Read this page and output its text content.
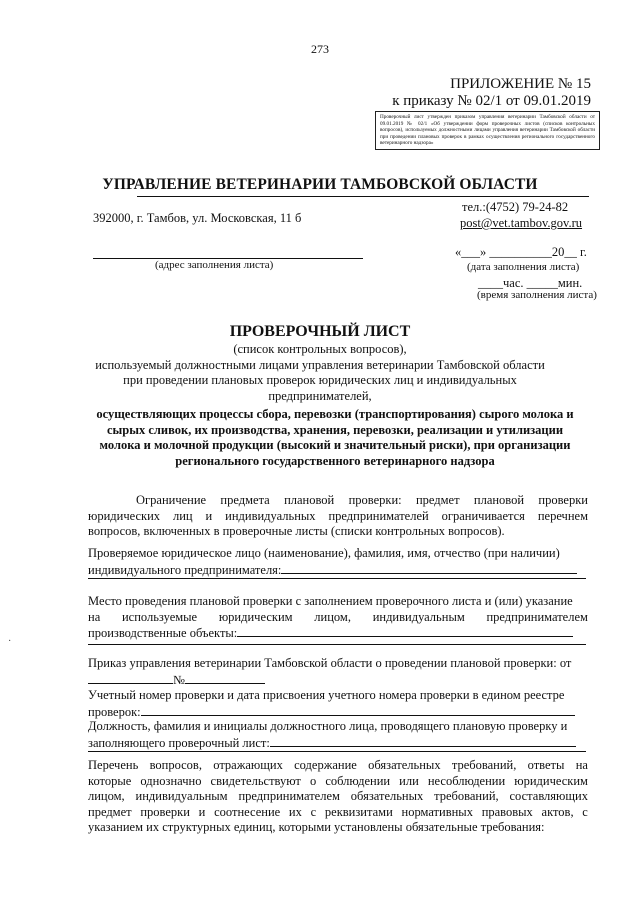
273
ПРИЛОЖЕНИЕ № 15
к приказу № 02/1 от 09.01.2019
Проверочный лист утвержден приказом управления ветеринарии Тамбовской области от 09.01.2019 № 02/1 «Об утверждении форм проверочных листов (списков контрольных вопросов), используемых должностными лицами управления ветеринарии Тамбовской области при проведении плановых проверок в рамках осуществления регионального государственного ветеринарного надзора»
УПРАВЛЕНИЕ ВЕТЕРИНАРИИ ТАМБОВСКОЙ ОБЛАСТИ
392000, г. Тамбов, ул. Московская, 11 б
тел.:(4752) 79-24-82
post@vet.tambov.gov.ru
(адрес заполнения листа)
«___» __________20__ г.
(дата заполнения листа)
____час. _____мин.
(время заполнения листа)
ПРОВЕРОЧНЫЙ ЛИСТ
(список контрольных вопросов),
используемый должностными лицами управления ветеринарии Тамбовской области
при проведении плановых проверок юридических лиц и индивидуальных
предпринимателей,
осуществляющих процессы сбора, перевозки (транспортирования) сырого молока и
сырых сливок, их производства, хранения, перевозки, реализации и утилизации
молока и молочной продукции (высокий и значительный риски), при организации
регионального государственного ветеринарного надзора
Ограничение предмета плановой проверки: предмет плановой проверки
юридических лиц и индивидуальных предпринимателей ограничивается перечнем
вопросов, включенных в проверочные листы (списки контрольных вопросов).
Проверяемое юридическое лицо (наименование), фамилия, имя, отчество (при наличии)
индивидуального предпринимателя:
Место проведения плановой проверки с заполнением проверочного листа и (или) указание
на используемые юридическим лицом, индивидуальным предпринимателем
производственные объекты:
Приказ управления ветеринарии Тамбовской области о проведении плановой проверки: от
№
Учетный номер проверки и дата присвоения учетного номера проверки в едином реестре
проверок:
Должность, фамилия и инициалы должностного лица, проводящего плановую проверку и
заполняющего проверочный лист:
Перечень вопросов, отражающих содержание обязательных требований, ответы на
которые однозначно свидетельствуют о соблюдении или несоблюдении юридическим
лицом, индивидуальным предпринимателем обязательных требований, составляющих
предмет проверки и соотнесение их с реквизитами нормативных правовых актов, с
указанием их структурных единиц, которыми установлены обязательные требования:
·
